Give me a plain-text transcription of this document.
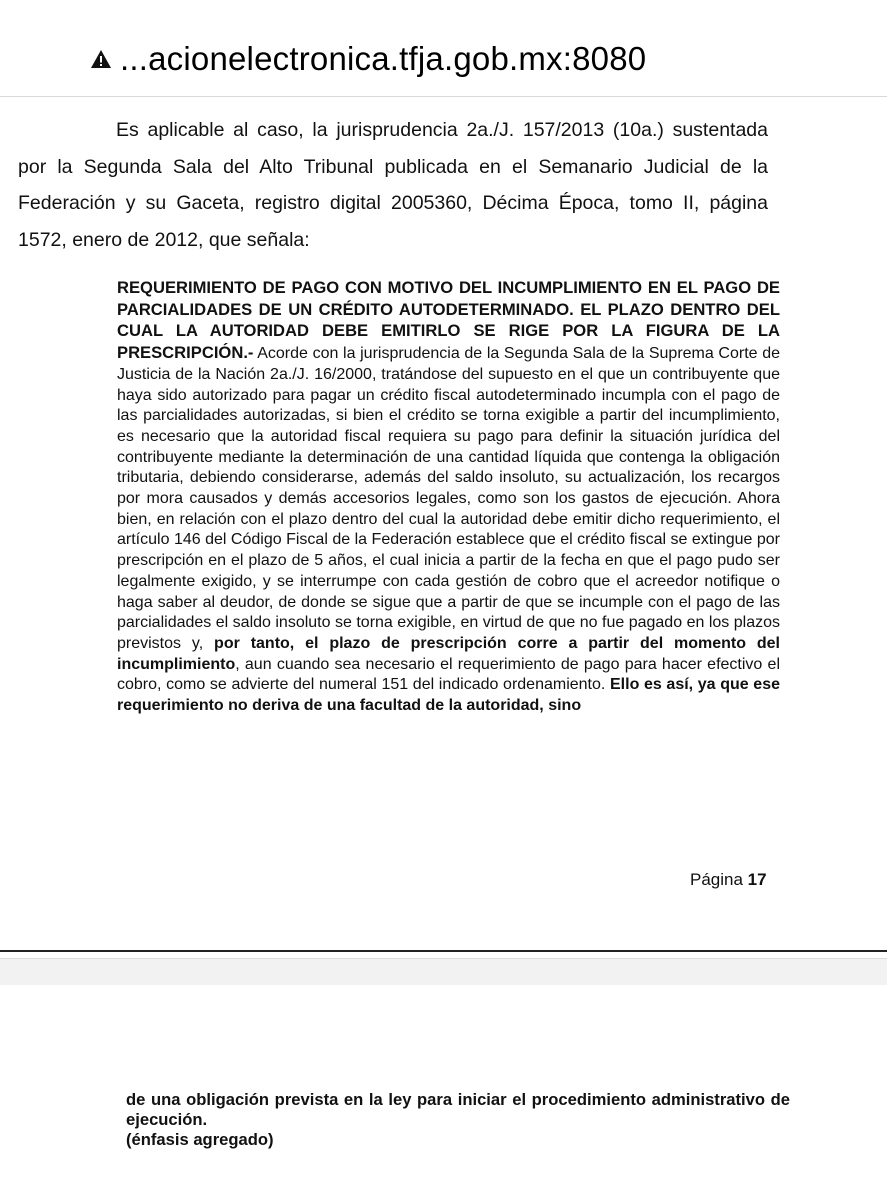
...acionelectronica.tfja.gob.mx:8080

Es aplicable al caso, la jurisprudencia 2a./J. 157/2013 (10a.) sustentada por la Segunda Sala del Alto Tribunal publicada en el Semanario Judicial de la Federación y su Gaceta, registro digital 2005360, Décima Época, tomo II, página 1572, enero de 2012, que señala:

REQUERIMIENTO DE PAGO CON MOTIVO DEL INCUMPLIMIENTO EN EL PAGO DE PARCIALIDADES DE UN CRÉDITO AUTODETERMINADO. EL PLAZO DENTRO DEL CUAL LA AUTORIDAD DEBE EMITIRLO SE RIGE POR LA FIGURA DE LA PRESCRIPCIÓN.- Acorde con la jurisprudencia de la Segunda Sala de la Suprema Corte de Justicia de la Nación 2a./J. 16/2000, tratándose del supuesto en el que un contribuyente que haya sido autorizado para pagar un crédito fiscal autodeterminado incumpla con el pago de las parcialidades autorizadas, si bien el crédito se torna exigible a partir del incumplimiento, es necesario que la autoridad fiscal requiera su pago para definir la situación jurídica del contribuyente mediante la determinación de una cantidad líquida que contenga la obligación tributaria, debiendo considerarse, además del saldo insoluto, su actualización, los recargos por mora causados y demás accesorios legales, como son los gastos de ejecución. Ahora bien, en relación con el plazo dentro del cual la autoridad debe emitir dicho requerimiento, el artículo 146 del Código Fiscal de la Federación establece que el crédito fiscal se extingue por prescripción en el plazo de 5 años, el cual inicia a partir de la fecha en que el pago pudo ser legalmente exigido, y se interrumpe con cada gestión de cobro que el acreedor notifique o haga saber al deudor, de donde se sigue que a partir de que se incumple con el pago de las parcialidades el saldo insoluto se torna exigible, en virtud de que no fue pagado en los plazos previstos y, por tanto, el plazo de prescripción corre a partir del momento del incumplimiento, aun cuando sea necesario el requerimiento de pago para hacer efectivo el cobro, como se advierte del numeral 151 del indicado ordenamiento. Ello es así, ya que ese requerimiento no deriva de una facultad de la autoridad, sino

Página 17

de una obligación prevista en la ley para iniciar el procedimiento administrativo de ejecución.
(énfasis agregado)
